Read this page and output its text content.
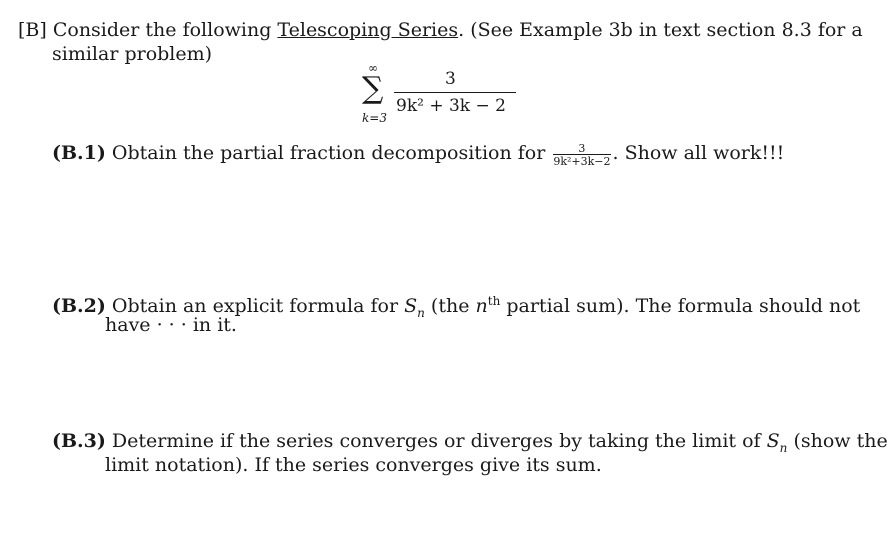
[B] Consider the following Telescoping Series. (See Example 3b in text section 8.3 for a
similar problem)
∞
∑
k=3
3
9k² + 3k − 2
(B.1) Obtain the partial fraction decomposition for $\frac{3}{\text{9k²+3k−2}}$ . Show all work!!!
(B.2) Obtain an explicit formula for $S_n$ (the $n^{th}$ partial sum). The formula should not
have · · · in it.
(B.3) Determine if the series converges or diverges by taking the limit of $S_n$ (show the
limit notation). If the series converges give its sum.
